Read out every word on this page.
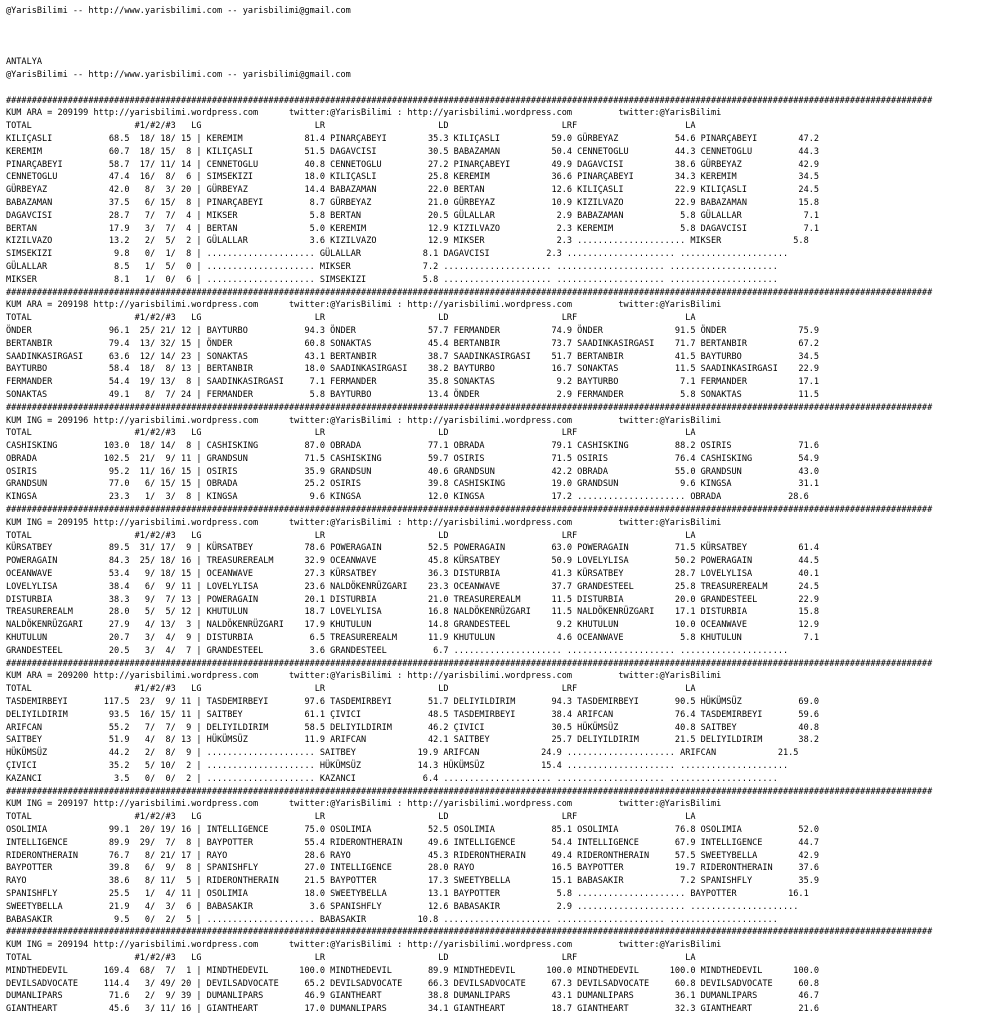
@YarisBilimi -- http://www.yarisbilimi.com -- yarisbilimi@gmail.com
ANTALYA
@YarisBilimi -- http://www.yarisbilimi.com -- yarisbilimi@gmail.com
####################################################################################################################################################################################
KUM ARA = 209199 http://yarisbilimi.wordpress.com      twitter:@YarisBilimi : http://yarisbilimi.wordpress.com         twitter:@YarisBilimi
TOTAL                    #1/#2/#3   LG                      LR                      LD                      LRF                     LA
KILIÇASLI           68.5  18/ 18/ 15 | KEREMIM            81.4 PINARÇABEYI        35.3 KILIÇASLI          59.0 GÜRBEYAZ           54.6 PINARÇABEYI        47.2
KEREMIM             60.7  18/ 15/  8 | KILIÇASLI          51.5 DAGAVCISI          30.5 BABAZAMAN          50.4 CENNETOGLU         44.3 CENNETOGLU         44.3
PINARÇABEYI         58.7  17/ 11/ 14 | CENNETOGLU         40.8 CENNETOGLU         27.2 PINARÇABEYI        49.9 DAGAVCISI          38.6 GÜRBEYAZ           42.9
CENNETOGLU          47.4  16/  8/  6 | SIMSEKIZI          18.0 KILIÇASLI          25.8 KEREMIM            36.6 PINARÇABEYI        34.3 KEREMIM            34.5
GÜRBEYAZ            42.0   8/  3/ 20 | GÜRBEYAZ           14.4 BABAZAMAN          22.0 BERTAN             12.6 KILIÇASLI          22.9 KILIÇASLI          24.5
BABAZAMAN           37.5   6/ 15/  8 | PINARÇABEYI         8.7 GÜRBEYAZ           21.0 GÜRBEYAZ           10.9 KIZILVAZO          22.9 BABAZAMAN          15.8
DAGAVCISI           28.7   7/  7/  4 | MIKSER              5.8 BERTAN             20.5 GÜLALLAR            2.9 BABAZAMAN           5.8 GÜLALLAR            7.1
BERTAN              17.9   3/  7/  4 | BERTAN              5.0 KEREMIM            12.9 KIZILVAZO           2.3 KEREMIM             5.8 DAGAVCISI           7.1
KIZILVAZO           13.2   2/  5/  2 | GÜLALLAR            3.6 KIZILVAZO          12.9 MIKSER              2.3 ..................... MIKSER              5.8
SIMSEKIZI            9.8   0/  1/  8 | ..................... GÜLALLAR            8.1 DAGAVCISI           2.3 ..................... .....................
GÜLALLAR             8.5   1/  5/  0 | ..................... MIKSER              7.2 ..................... ..................... .....................
MIKSER               8.1   1/  0/  6 | ..................... SIMSEKIZI           5.8 ..................... ..................... .....................
####################################################################################################################################################################################
KUM ARA = 209198 http://yarisbilimi.wordpress.com      twitter:@YarisBilimi : http://yarisbilimi.wordpress.com         twitter:@YarisBilimi
TOTAL                    #1/#2/#3   LG                      LR                      LD                      LRF                     LA
ÖNDER               96.1  25/ 21/ 12 | BAYTURBO           94.3 ÖNDER              57.7 FERMANDER          74.9 ÖNDER              91.5 ÖNDER              75.9
BERTANBIR           79.4  13/ 32/ 15 | ÖNDER              60.8 SONAKTAS           45.4 BERTANBIR          73.7 SAADINKASIRGASI    71.7 BERTANBIR          67.2
SAADINKASIRGASI     63.6  12/ 14/ 23 | SONAKTAS           43.1 BERTANBIR          38.7 SAADINKASIRGASI    51.7 BERTANBIR          41.5 BAYTURBO           34.5
BAYTURBO            58.4  18/  8/ 13 | BERTANBIR          18.0 SAADINKASIRGASI    38.2 BAYTURBO           16.7 SONAKTAS           11.5 SAADINKASIRGASI    22.9
FERMANDER           54.4  19/ 13/  8 | SAADINKASIRGASI     7.1 FERMANDER          35.8 SONAKTAS            9.2 BAYTURBO            7.1 FERMANDER          17.1
SONAKTAS            49.1   8/  7/ 24 | FERMANDER           5.8 BAYTURBO           13.4 ÖNDER               2.9 FERMANDER           5.8 SONAKTAS           11.5
####################################################################################################################################################################################
KUM ING = 209196 http://yarisbilimi.wordpress.com      twitter:@YarisBilimi : http://yarisbilimi.wordpress.com         twitter:@YarisBilimi
TOTAL                    #1/#2/#3   LG                      LR                      LD                      LRF                     LA
CASHISKING         103.0  18/ 14/  8 | CASHISKING         87.0 OBRADA             77.1 OBRADA             79.1 CASHISKING         88.2 OSIRIS             71.6
OBRADA             102.5  21/  9/ 11 | GRANDSUN           71.5 CASHISKING         59.7 OSIRIS             71.5 OSIRIS             76.4 CASHISKING         54.9
OSIRIS              95.2  11/ 16/ 15 | OSIRIS             35.9 GRANDSUN           40.6 GRANDSUN           42.2 OBRADA             55.0 GRANDSUN           43.0
GRANDSUN            77.0   6/ 15/ 15 | OBRADA             25.2 OSIRIS             39.8 CASHISKING         19.0 GRANDSUN            9.6 KINGSA             31.1
KINGSA              23.3   1/  3/  8 | KINGSA              9.6 KINGSA             12.0 KINGSA             17.2 ..................... OBRADA             28.6
####################################################################################################################################################################################
KUM ING = 209195 http://yarisbilimi.wordpress.com      twitter:@YarisBilimi : http://yarisbilimi.wordpress.com         twitter:@YarisBilimi
TOTAL                    #1/#2/#3   LG                      LR                      LD                      LRF                     LA
KÜRSATBEY           89.5  31/ 17/  9 | KÜRSATBEY          78.6 POWERAGAIN         52.5 POWERAGAIN         63.0 POWERAGAIN         71.5 KÜRSATBEY          61.4
POWERAGAIN          84.3  25/ 18/ 16 | TREASUREREALM      32.9 OCEANWAVE          45.8 KÜRSATBEY          50.9 LOVELYLISA         50.2 POWERAGAIN         44.5
OCEANWAVE           53.4   9/ 18/ 15 | OCEANWAVE          27.3 KÜRSATBEY          36.3 DISTURBIA          41.3 KÜRSATBEY          28.7 LOVELYLISA         40.1
LOVELYLISA          38.4   6/  9/ 11 | LOVELYLISA         23.6 NALDÖKENRÜZGARI    23.3 OCEANWAVE          37.7 GRANDESTEEL        25.8 TREASUREREALM      24.5
DISTURBIA           38.3   9/  7/ 13 | POWERAGAIN         20.1 DISTURBIA          21.0 TREASUREREALM      11.5 DISTURBIA          20.0 GRANDESTEEL        22.9
TREASUREREALM       28.0   5/  5/ 12 | KHUTULUN           18.7 LOVELYLISA         16.8 NALDÖKENRÜZGARI    11.5 NALDÖKENRÜZGARI    17.1 DISTURBIA          15.8
NALDÖKENRÜZGARI     27.9   4/ 13/  3 | NALDÖKENRÜZGARI    17.9 KHUTULUN           14.8 GRANDESTEEL         9.2 KHUTULUN           10.0 OCEANWAVE          12.9
KHUTULUN            20.7   3/  4/  9 | DISTURBIA           6.5 TREASUREREALM      11.9 KHUTULUN            4.6 OCEANWAVE           5.8 KHUTULUN            7.1
GRANDESTEEL         20.5   3/  4/  7 | GRANDESTEEL         3.6 GRANDESTEEL         6.7 ..................... ..................... .....................
####################################################################################################################################################################################
KUM ARA = 209200 http://yarisbilimi.wordpress.com      twitter:@YarisBilimi : http://yarisbilimi.wordpress.com         twitter:@YarisBilimi
TOTAL                    #1/#2/#3   LG                      LR                      LD                      LRF                     LA
TASDEMIRBEYI       117.5  23/  9/ 11 | TASDEMIRBEYI       97.6 TASDEMIRBEYI       51.7 DELIYILDIRIM       94.3 TASDEMIRBEYI       90.5 HÜKÜMSÜZ           69.0
DELIYILDIRIM        93.5  16/ 15/ 11 | SAITBEY            61.1 ÇIVICI             48.5 TASDEMIRBEYI       38.4 ARIFCAN            76.4 TASDEMIRBEYI       59.6
ARIFCAN             55.2   7/  7/  9 | DELIYILDIRIM       58.5 DELIYILDIRIM       46.2 ÇIVICI             30.5 HÜKÜMSÜZ           40.8 SAITBEY            40.8
SAITBEY             51.9   4/  8/ 13 | HÜKÜMSÜZ           11.9 ARIFCAN            42.1 SAITBEY            25.7 DELIYILDIRIM       21.5 DELIYILDIRIM       38.2
HÜKÜMSÜZ            44.2   2/  8/  9 | ..................... SAITBEY            19.9 ARIFCAN            24.9 ..................... ARIFCAN            21.5
ÇIVICI              35.2   5/ 10/  2 | ..................... HÜKÜMSÜZ           14.3 HÜKÜMSÜZ           15.4 ..................... .....................
KAZANCI              3.5   0/  0/  2 | ..................... KAZANCI             6.4 ..................... ..................... .....................
####################################################################################################################################################################################
KUM ING = 209197 http://yarisbilimi.wordpress.com      twitter:@YarisBilimi : http://yarisbilimi.wordpress.com         twitter:@YarisBilimi
TOTAL                    #1/#2/#3   LG                      LR                      LD                      LRF                     LA
OSOLIMIA            99.1  20/ 19/ 16 | INTELLIGENCE       75.0 OSOLIMIA           52.5 OSOLIMIA           85.1 OSOLIMIA           76.8 OSOLIMIA           52.0
INTELLIGENCE        89.9  29/  7/  8 | BAYPOTTER          55.4 RIDERONTHERAIN     49.6 INTELLIGENCE       54.4 INTELLIGENCE       67.9 INTELLIGENCE       44.7
RIDERONTHERAIN      76.7   8/ 21/ 17 | RAYO               28.6 RAYO               45.3 RIDERONTHERAIN     49.4 RIDERONTHERAIN     57.5 SWEETYBELLA        42.9
BAYPOTTER           39.8   6/  9/  8 | SPANISHFLY         27.0 INTELLIGENCE       28.0 RAYO               16.5 BAYPOTTER          19.7 RIDERONTHERAIN     37.6
RAYO                38.6   8/ 11/  5 | RIDERONTHERAIN     21.5 BAYPOTTER          17.3 SWEETYBELLA        15.1 BABASAKIR           7.2 SPANISHFLY         35.9
SPANISHFLY          25.5   1/  4/ 11 | OSOLIMIA           18.0 SWEETYBELLA        13.1 BAYPOTTER           5.8 ..................... BAYPOTTER          16.1
SWEETYBELLA         21.9   4/  3/  6 | BABASAKIR           3.6 SPANISHFLY         12.6 BABASAKIR           2.9 ..................... .....................
BABASAKIR            9.5   0/  2/  5 | ..................... BABASAKIR          10.8 ..................... ..................... .....................
####################################################################################################################################################################################
KUM ING = 209194 http://yarisbilimi.wordpress.com      twitter:@YarisBilimi : http://yarisbilimi.wordpress.com         twitter:@YarisBilimi
TOTAL                    #1/#2/#3   LG                      LR                      LD                      LRF                     LA
MINDTHEDEVIL       169.4  68/  7/  1 | MINDTHEDEVIL      100.0 MINDTHEDEVIL       89.9 MINDTHEDEVIL      100.0 MINDTHEDEVIL      100.0 MINDTHEDEVIL      100.0
DEVILSADVOCATE     114.4   3/ 49/ 20 | DEVILSADVOCATE     65.2 DEVILSADVOCATE     66.3 DEVILSADVOCATE     67.3 DEVILSADVOCATE     60.8 DEVILSADVOCATE     60.8
DUMANLIPARS         71.6   2/  9/ 39 | DUMANLIPARS        46.9 GIANTHEART         38.8 DUMANLIPARS        43.1 DUMANLIPARS        36.1 DUMANLIPARS        46.7
GIANTHEART          45.6   3/ 11/ 16 | GIANTHEART         17.0 DUMANLIPARS        34.1 GIANTHEART         18.7 GIANTHEART         32.3 GIANTHEART         21.6
